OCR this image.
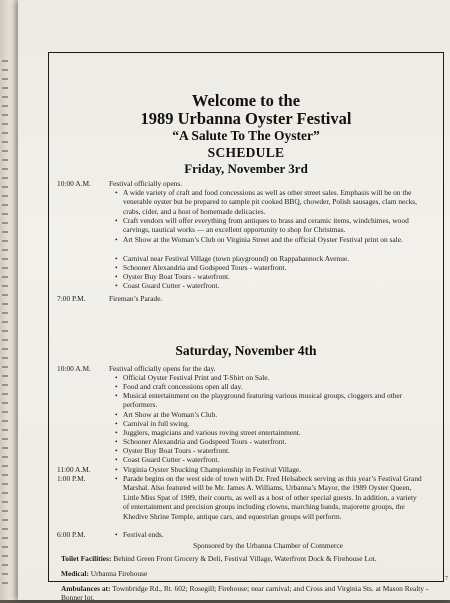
Welcome to the
1989 Urbanna Oyster Festival
“A Salute To The Oyster”
SCHEDULE
Friday, November 3rd
10:00 A.M. Festival officially opens.
• A wide variety of craft and food concessions as well as other street sales. Emphasis will be on the venerable oyster but be prepared to sample pit cooked BBQ, chowder, Polish sausages, clam necks, crabs, cider, and a host of homemade delicacies.
• Craft vendors will offer everything from antiques to brass and ceramic items, windchimes, wood carvings, nautical works — an excellent opportunity to shop for Christmas.
• Art Show at the Woman’s Club on Virginia Street and the official Oyster Festival print on sale.
• Carnival near Festival Village (town playground) on Rappahannock Avenue.
• Schooner Alexandria and Godspeed Tours - waterfront.
• Oyster Buy Boat Tours - waterfront.
• Coast Guard Cutter - waterfront.
7:00 P.M.	Fireman’s Parade.
Saturday, November 4th
10:00 A.M. Festival officially opens for the day.
• Official Oyster Festival Print and T-Shirt on Sale.
• Food and craft concessions open all day.
• Musical entertainment on the playground featuring various musical groups, cloggers and other performers.
• Art Show at the Woman’s Club.
• Carnival in full swing.
• Jugglers, magicians and various roving street entertainment.
• Schooner Alexandria and Godspeed Tours - waterfront.
• Oyster Buy Boat Tours - waterfront.
• Coast Guard Cutter - waterfront.
11:00 A.M.	• Virginia Oyster Shucking Championship in Festival Village.
1:00 P.M.	• Parade begins on the west side of town with Dr. Fred Helsabeck serving as this year’s Festival Grand Marshal. Also featured will be Mr. James A. Williams, Urbanna’s Mayor, the 1989 Oyster Queen, Little Miss Spat of 1989, their courts, as well as a host of other special guests. In addition, a variety of entertainment and precision groups including clowns, marching bands, majorette groups, the Khedive Shrine Temple, antique cars, and equestrian groups will perform.
6:00 P.M.	• Festival ends.
Sponsored by the Urbanna Chamber of Commerce
Toilet Facilities: Behind Green Front Grocery & Deli, Festival Village, Waterfront Dock & Firehouse Lot.
Medical: Urbanna Firehouse
Ambulances at: Townbridge Rd., Rt. 602; Rosegill; Firehouse; near carnival; and Cross and Virginia Sts. at Mason Realty - Bonner lot.
7
